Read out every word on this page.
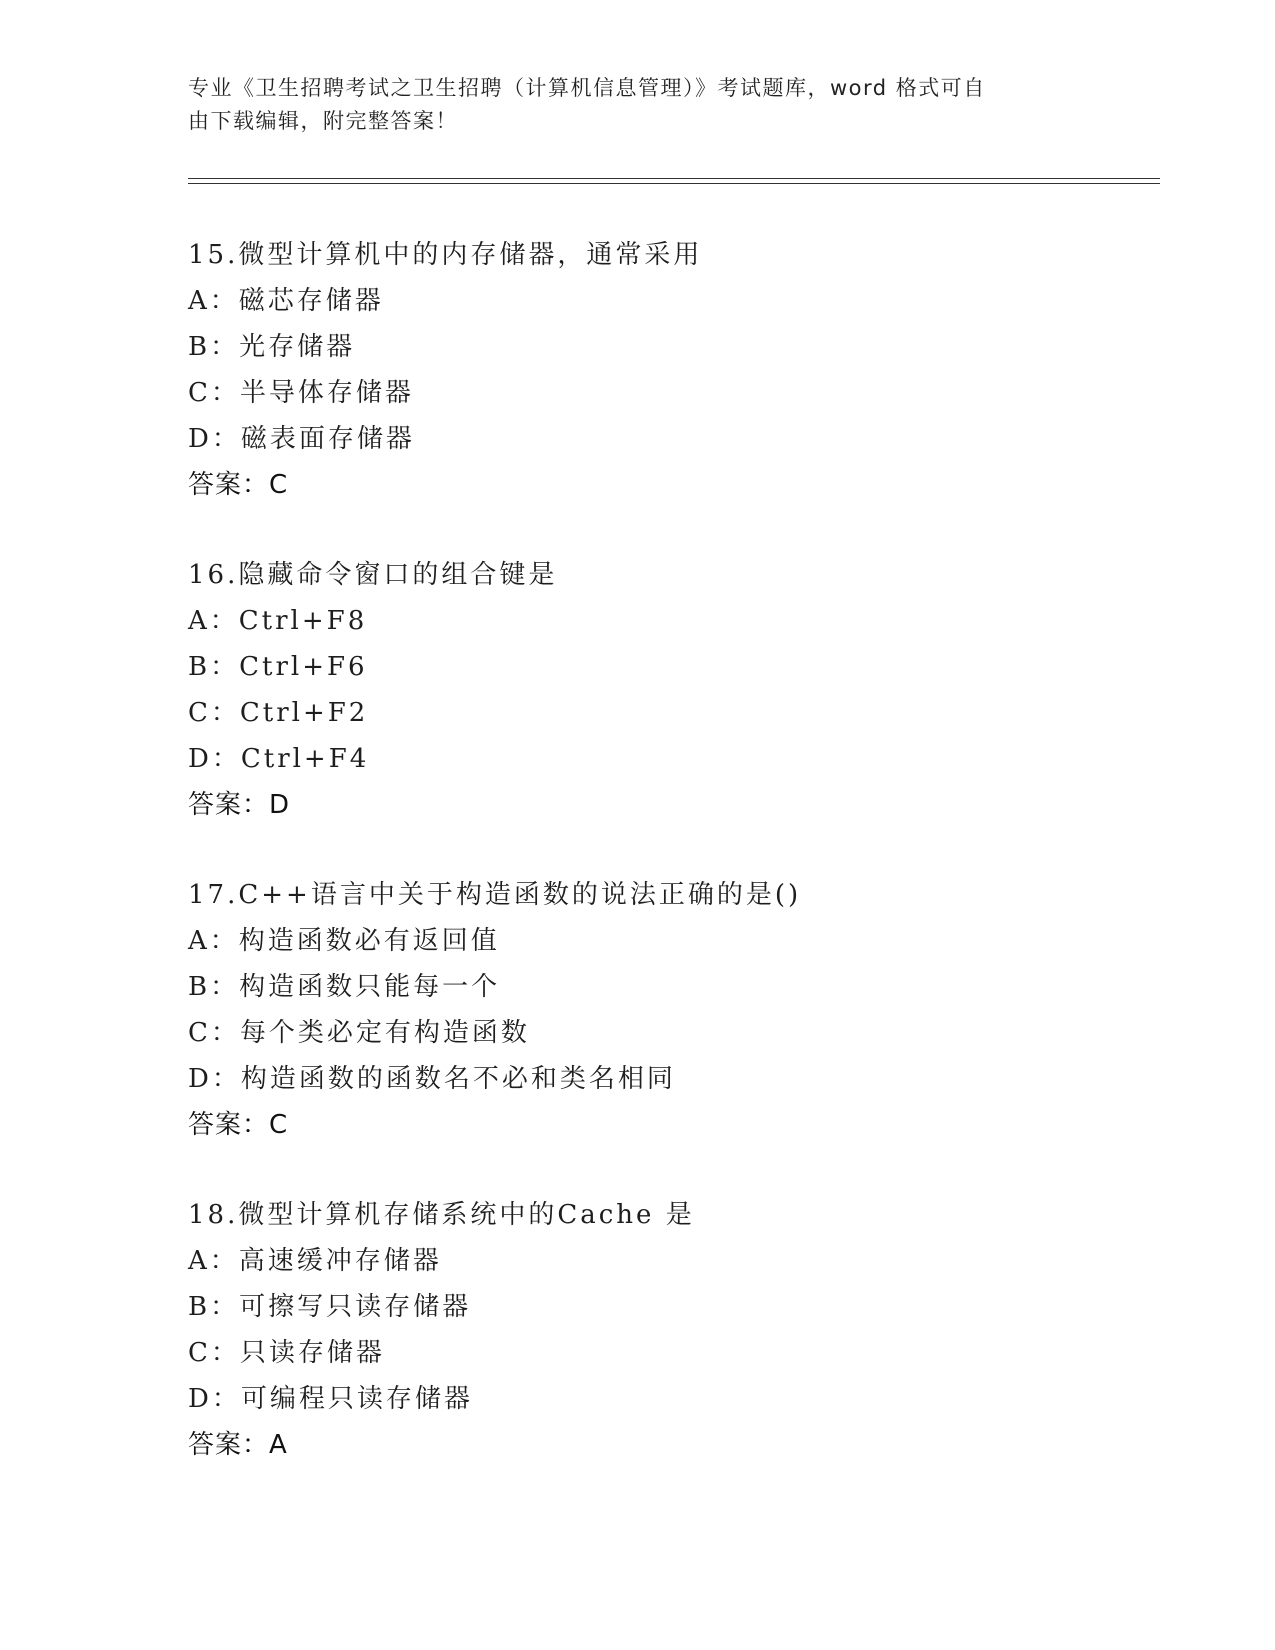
专业《卫生招聘考试之卫生招聘（计算机信息管理）》考试题库，word 格式可自
由下载编辑，附完整答案！
15.微型计算机中的内存储器，通常采用
A：磁芯存储器
B：光存储器
C：半导体存储器
D：磁表面存储器
答案：C
16.隐藏命令窗口的组合键是
A：Ctrl+F8
B：Ctrl+F6
C：Ctrl+F2
D：Ctrl+F4
答案：D
17.C++语言中关于构造函数的说法正确的是()
A：构造函数必有返回值
B：构造函数只能每一个
C：每个类必定有构造函数
D：构造函数的函数名不必和类名相同
答案：C
18.微型计算机存储系统中的Cache 是
A：高速缓冲存储器
B：可擦写只读存储器
C：只读存储器
D：可编程只读存储器
答案：A
